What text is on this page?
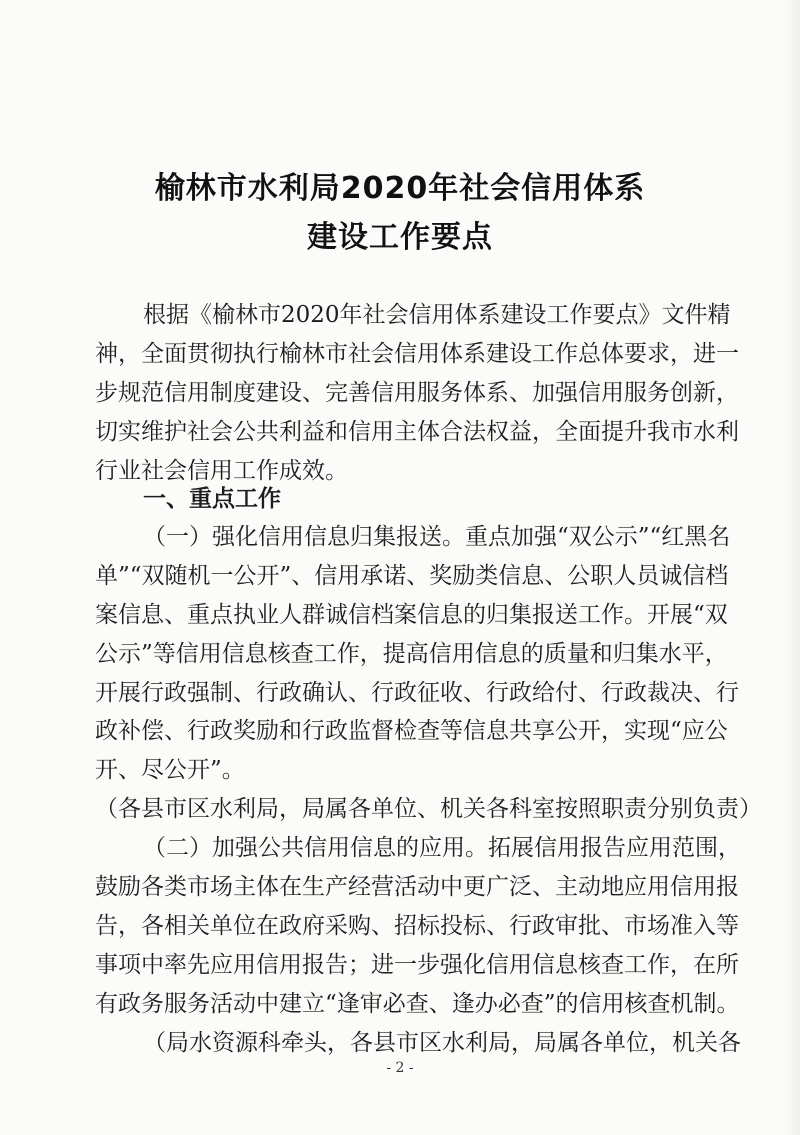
榆林市水利局2020年社会信用体系
建设工作要点
根据《榆林市2020年社会信用体系建设工作要点》文件精
神，全面贯彻执行榆林市社会信用体系建设工作总体要求，进一
步规范信用制度建设、完善信用服务体系、加强信用服务创新，
切实维护社会公共利益和信用主体合法权益，全面提升我市水利
行业社会信用工作成效。
一、重点工作
（一）强化信用信息归集报送。重点加强“双公示”“红黑名
单”“双随机一公开”、信用承诺、奖励类信息、公职人员诚信档
案信息、重点执业人群诚信档案信息的归集报送工作。开展“双
公示”等信用信息核查工作，提高信用信息的质量和归集水平，
开展行政强制、行政确认、行政征收、行政给付、行政裁决、行
政补偿、行政奖励和行政监督检查等信息共享公开，实现“应公
开、尽公开”。
（各县市区水利局，局属各单位、机关各科室按照职责分别负责）
（二）加强公共信用信息的应用。拓展信用报告应用范围，
鼓励各类市场主体在生产经营活动中更广泛、主动地应用信用报
告，各相关单位在政府采购、招标投标、行政审批、市场准入等
事项中率先应用信用报告；进一步强化信用信息核查工作，在所
有政务服务活动中建立“逢审必查、逢办必查”的信用核查机制。
（局水资源科牵头，各县市区水利局，局属各单位，机关各
- 2 -
